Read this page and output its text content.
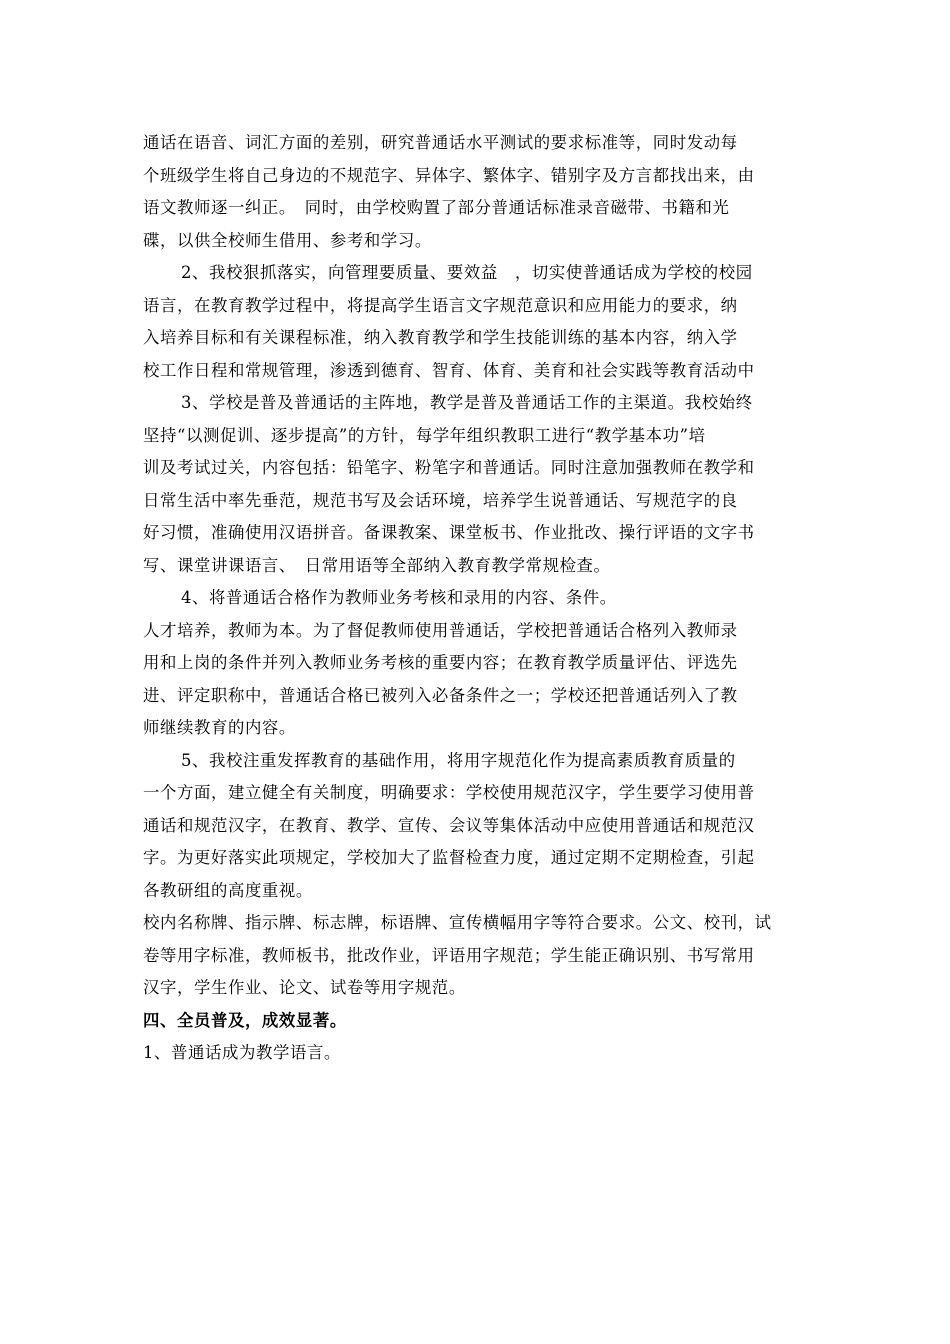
通话在语音、词汇方面的差别，研究普通话水平测试的要求标准等，同时发动每
个班级学生将自己身边的不规范字、异体字、繁体字、错别字及方言都找出来，由
语文教师逐一纠正。　同时，由学校购置了部分普通话标准录音磁带、书籍和光
碟，以供全校师生借用、参考和学习。
2、我校狠抓落实，向管理要质量、要效益　，切实使普通话成为学校的校园
语言，在教育教学过程中，将提高学生语言文字规范意识和应用能力的要求，纳
入培养目标和有关课程标准，纳入教育教学和学生技能训练的基本内容，纳入学
校工作日程和常规管理，渗透到德育、智育、体育、美育和社会实践等教育活动中
3、学校是普及普通话的主阵地，教学是普及普通话工作的主渠道。我校始终
坚持“以测促训、逐步提高”的方针，每学年组织教职工进行“教学基本功”培
训及考试过关，内容包括：铅笔字、粉笔字和普通话。同时注意加强教师在教学和
日常生活中率先垂范，规范书写及会话环境，培养学生说普通话、写规范字的良
好习惯，准确使用汉语拼音。备课教案、课堂板书、作业批改、操行评语的文字书
写、课堂讲课语言、　日常用语等全部纳入教育教学常规检查。
4、将普通话合格作为教师业务考核和录用的内容、条件。
人才培养，教师为本。为了督促教师使用普通话，学校把普通话合格列入教师录
用和上岗的条件并列入教师业务考核的重要内容；在教育教学质量评估、评选先
进、评定职称中，普通话合格已被列入必备条件之一；学校还把普通话列入了教
师继续教育的内容。
5、我校注重发挥教育的基础作用，将用字规范化作为提高素质教育质量的
一个方面，建立健全有关制度，明确要求：学校使用规范汉字，学生要学习使用普
通话和规范汉字，在教育、教学、宣传、会议等集体活动中应使用普通话和规范汉
字。为更好落实此项规定，学校加大了监督检查力度，通过定期不定期检查，引起
各教研组的高度重视。
校内名称牌、指示牌、标志牌，标语牌、宣传横幅用字等符合要求。公文、校刊，试
卷等用字标准，教师板书，批改作业，评语用字规范；学生能正确识别、书写常用
汉字，学生作业、论文、试卷等用字规范。
四、全员普及，成效显著。
1、普通话成为教学语言。
